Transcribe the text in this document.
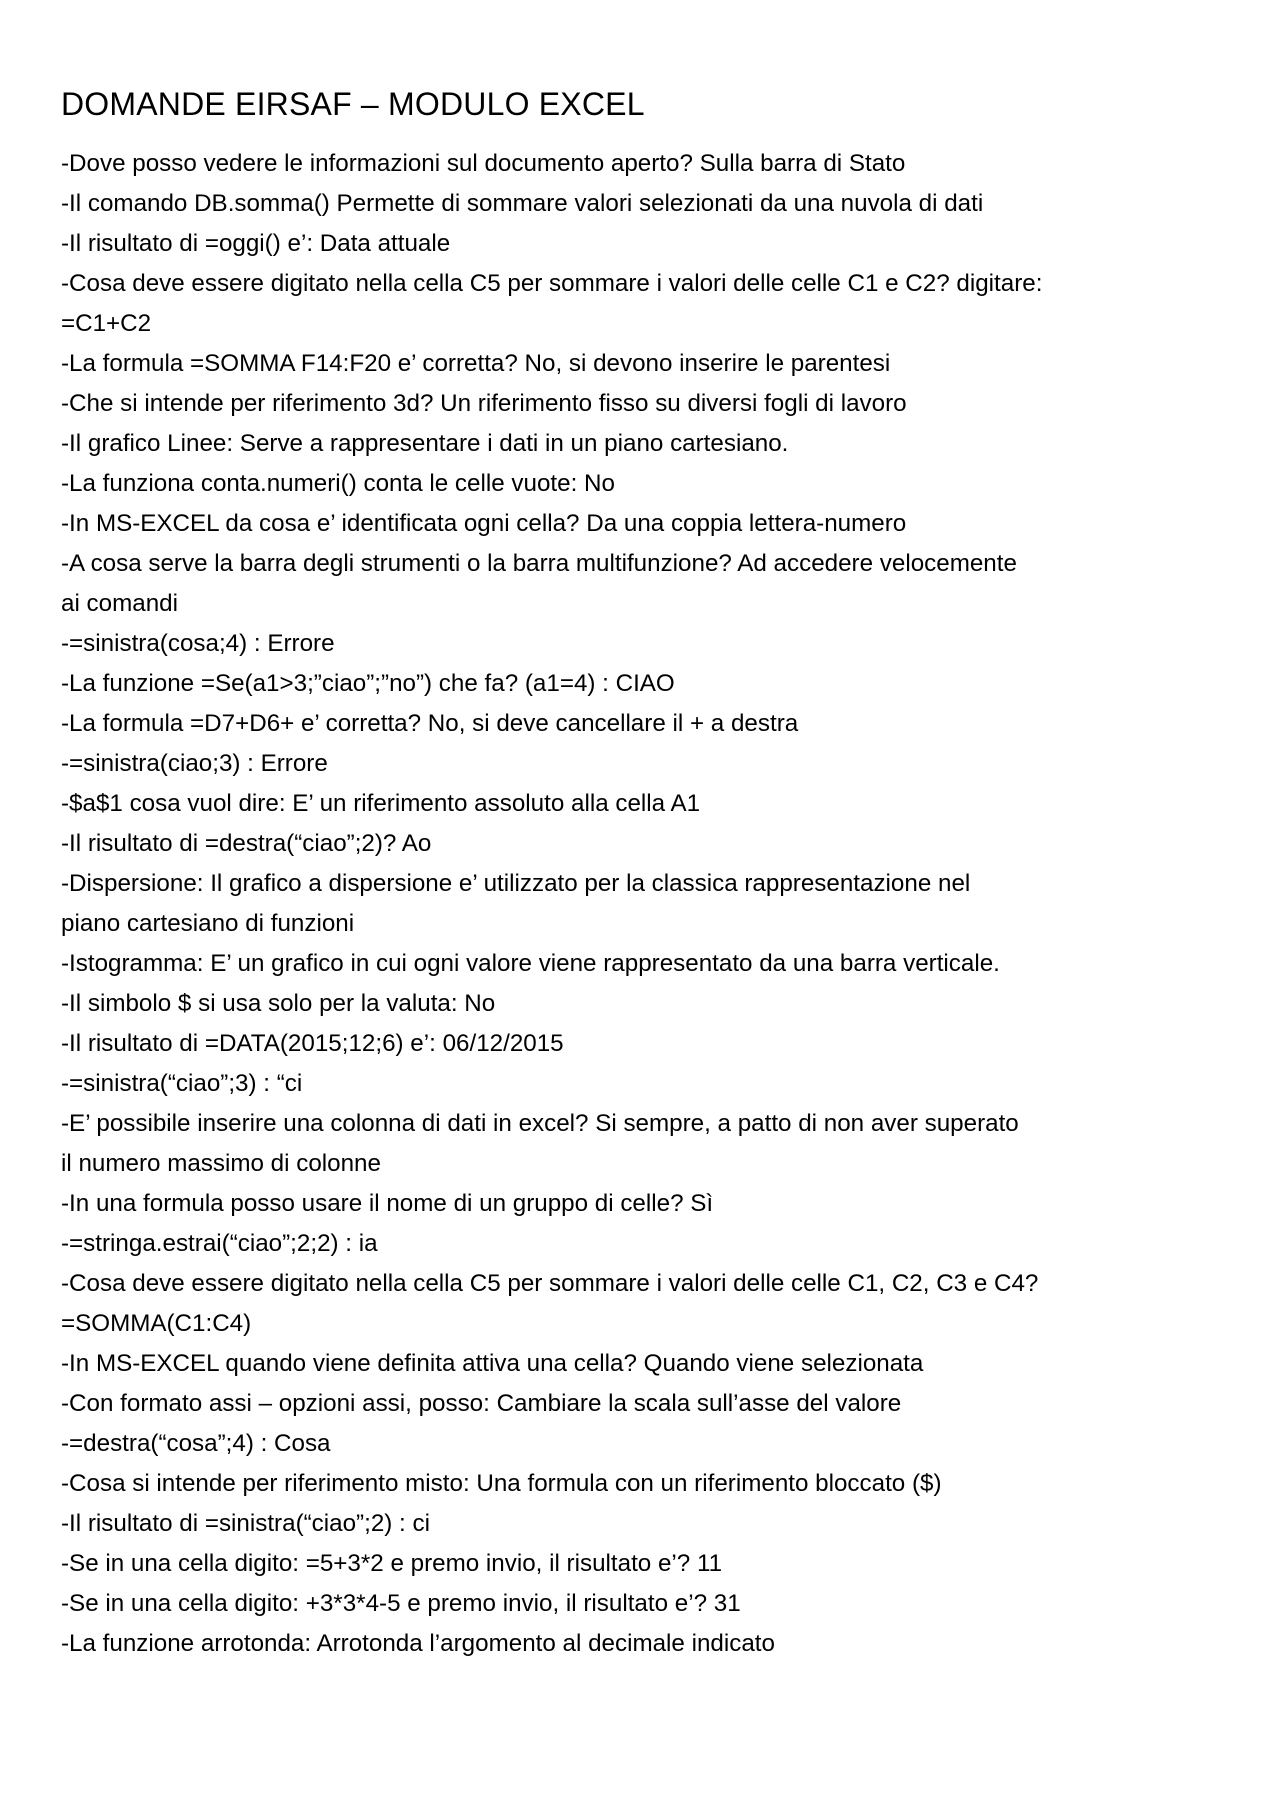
DOMANDE EIRSAF – MODULO EXCEL
-Dove posso vedere le informazioni sul documento aperto? Sulla barra di Stato
-Il comando DB.somma() Permette di sommare valori selezionati da una nuvola di dati
-Il risultato di =oggi() e’: Data attuale
-Cosa deve essere digitato nella cella C5 per sommare i valori delle celle C1 e C2? digitare:
=C1+C2
-La formula =SOMMA F14:F20 e’ corretta? No, si devono inserire le parentesi
-Che si intende per riferimento 3d? Un riferimento fisso su diversi fogli di lavoro
-Il grafico Linee: Serve a rappresentare i dati in un piano cartesiano.
-La funziona conta.numeri() conta le celle vuote: No
-In MS-EXCEL da cosa e’ identificata ogni cella? Da una coppia lettera-numero
-A cosa serve la barra degli strumenti o la barra multifunzione? Ad accedere velocemente
ai comandi
-=sinistra(cosa;4) : Errore
-La funzione =Se(a1>3;”ciao”;”no”) che fa? (a1=4) : CIAO
-La formula =D7+D6+ e’ corretta? No, si deve cancellare il + a destra
-=sinistra(ciao;3) : Errore
-$a$1 cosa vuol dire: E’ un riferimento assoluto alla cella A1
-Il risultato di =destra(“ciao”;2)? Ao
-Dispersione: Il grafico a dispersione e’ utilizzato per la classica rappresentazione nel
piano cartesiano di funzioni
-Istogramma: E’ un grafico in cui ogni valore viene rappresentato da una barra verticale.
-Il simbolo $ si usa solo per la valuta: No
-Il risultato di =DATA(2015;12;6) e’: 06/12/2015
-=sinistra(“ciao”;3) : “ci
-E’ possibile inserire una colonna di dati in excel? Si sempre, a patto di non aver superato
il numero massimo di colonne
-In una formula posso usare il nome di un gruppo di celle? Sì
-=stringa.estrai(“ciao”;2;2) : ia
-Cosa deve essere digitato nella cella C5 per sommare i valori delle celle C1, C2, C3 e C4?
=SOMMA(C1:C4)
-In MS-EXCEL quando viene definita attiva una cella? Quando viene selezionata
-Con formato assi – opzioni assi, posso: Cambiare la scala sull’asse del valore
-=destra(“cosa”;4) : Cosa
-Cosa si intende per riferimento misto: Una formula con un riferimento bloccato ($)
-Il risultato di =sinistra(“ciao”;2) : ci
-Se in una cella digito: =5+3*2 e premo invio, il risultato e’? 11
-Se in una cella digito: +3*3*4-5 e premo invio, il risultato e’? 31
-La funzione arrotonda: Arrotonda l’argomento al decimale indicato
